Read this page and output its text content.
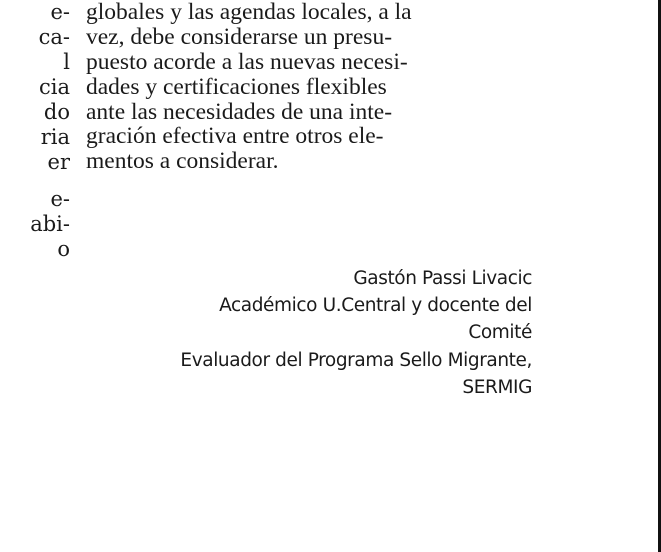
e-
ca-
l
cia
do
ria
er
e-
abi-
o
globales y las agendas locales, a la
vez, debe considerarse un presu-
puesto acorde a las nuevas necesi-
dades y certificaciones flexibles
ante las necesidades de una inte-
gración efectiva entre otros ele-
mentos a considerar.
Gastón Passi Livacic
Académico U.Central y docente del
Comité
Evaluador del Programa Sello Migrante,
SERMIG
